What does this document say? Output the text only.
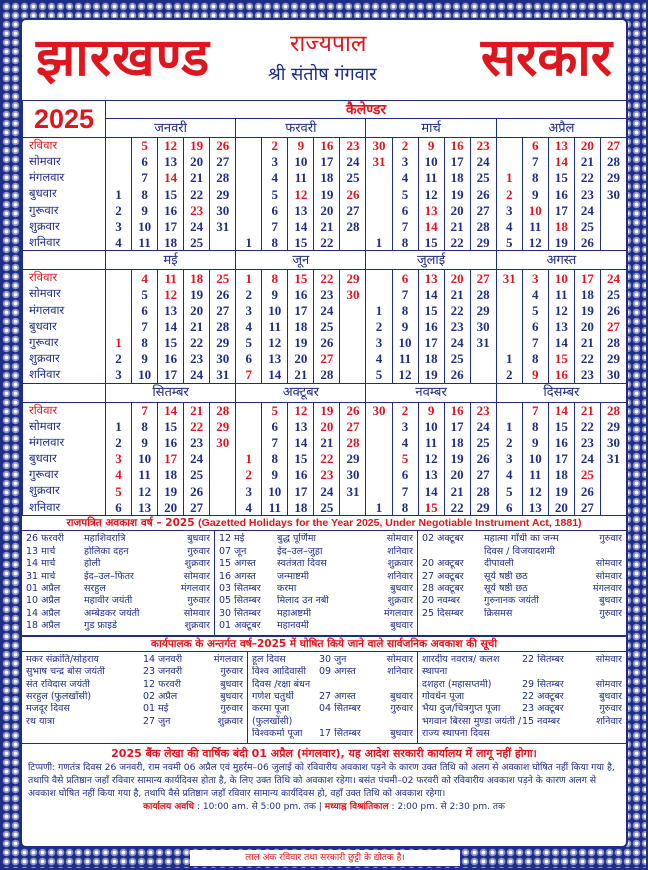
झारखण्ड	राज्यपाल
श्री संतोष गंगवार सरकार
2025	कैलेण्डर																			
	जनवरी					फरवरी					मार्च					अप्रैल				
रविवार		5	12	19	26		2	9	16	23	30	2	9	16	23		6	13	20	27
सोमवार		6	13	20	27		3	10	17	24	31	3	10	17	24		7	14	21	28
मंगलवार		7	14	21	28		4	11	18	25		4	11	18	25	1	8	15	22	29
बुधवार	1	8	15	22	29		5	12	19	26		5	12	19	26	2	9	16	23	30
गुरूवार	2	9	16	23	30		6	13	20	27		6	13	20	27	3	10	17	24	
शुक्रवार	3	10	17	24	31		7	14	21	28		7	14	21	28	4	11	18	25	
शनिवार	4	11	18	25		1	8	15	22		1	8	15	22	29	5	12	19	26	
	मई					जून					जुलाई					अगस्त				
रविवार		4	11	18	25	1	8	15	22	29		6	13	20	27	31	3	10	17	24
सोमवार		5	12	19	26	2	9	16	23	30		7	14	21	28		4	11	18	25
मंगलवार		6	13	20	27	3	10	17	24		1	8	15	22	29		5	12	19	26
बुधवार		7	14	21	28	4	11	18	25		2	9	16	23	30		6	13	20	27
गुरूवार	1	8	15	22	29	5	12	19	26		3	10	17	24	31		7	14	21	28
शुक्रवार	2	9	16	23	30	6	13	20	27		4	11	18	25		1	8	15	22	29
शनिवार	3	10	17	24	31	7	14	21	28		5	12	19	26		2	9	16	23	30
	सितम्बर					अक्टूबर					नवम्बर					दिसम्बर				
रविवार		7	14	21	28		5	12	19	26	30	2	9	16	23		7	14	21	28
सोमवार	1	8	15	22	29		6	13	20	27		3	10	17	24	1	8	15	22	29
मंगलवार	2	9	16	23	30		7	14	21	28		4	11	18	25	2	9	16	23	30
बुधवार	3	10	17	24		1	8	15	22	29		5	12	19	26	3	10	17	24	31
गुरूवार	4	11	18	25		2	9	16	23	30		6	13	20	27	4	11	18	25	
शुक्रवार	5	12	19	26		3	10	17	24	31		7	14	21	28	5	12	19	26	
शनिवार	6	13	20	27		4	11	18	25		1	8	15	22	29	6	13	20	27	
राजपत्रित अवकाश वर्ष – 2025 (Gazetted Holidays for the Year 2025, Under Negotiable Instrument Act, 1881)
26 फरवरी	महाशिवरात्रि	बुधवार
13 मार्च	होलिका दहन	गुरुवार
14 मार्च	होली	शुक्रवार
31 मार्च	ईद–उल–फितर	सोमवार
01 अप्रैल	सरहुल	मंगलवार
10 अप्रैल	महावीर जयंती	गुरुवार
14 अप्रैल	अम्बेडकर जयंती	सोमवार
18 अप्रैल	गुड फ्राइडे	शुक्रवार
12 मई	बुद्ध पूर्णिमा	सोमवार
07 जून	ईद–उल–जुहा	शनिवार
15 अगस्त	स्वतंत्रता दिवस	शुक्रवार
16 अगस्त	जन्माष्टमी	शनिवार
03 सितम्बर	करमा	बुधवार
05 सितम्बर	मिलाद उन नबी	शुक्रवार
30 सितम्बर	महाअष्टमी	मंगलवार
01 अक्टूबर	महानवमी	बुधवार
02 अक्टूबर	महात्मा गाँधी का जन्म दिवस / विजयादशमी
गुरुवार
20 अक्टूबर	दीपावली	सोमवार
27 अक्टूबर	सूर्य षष्ठी छठ	सोमवार
28 अक्टूबर	सूर्य षष्ठी छठ	मंगलवार
20 नवम्बर	गुरुनानक जयंती	बुधवार
25 दिसम्बर	क्रिसमस	गुरुवार
कार्यपालक के अन्तर्गत वर्ष–2025 में घोषित किये जाने वाले सार्वजनिक अवकाश की सूची
मकर संक्रांति/सोहराय	14 जनवरी	मंगलवार
सुभाष चन्द्र बोस जयंती	23 जनवरी	गुरुवार
संत रविदास जयंती	12 फरवरी	बुधवार
सरहुल (फुलखोंसी)	02 अप्रैल	बुधवार
मजदूर दिवस	01 मई	गुरुवार
रथ यात्रा	27 जुन	शुक्रवार
हूल दिवस	30 जुन	सोमवार
विश्व आदिवासी दिवस /रक्षा बंधन
09 अगस्त	शनिवार
गणेश चतुर्थी	27 अगस्त	बुधवार
करमा पूजा (फुलखोंसी)
04 सितम्बर	गुरुवार
विश्वकर्मा पूजा	17 सितम्बर	बुधवार
शारदीय नवरात्र/ कलश स्थापना
22 सितम्बर	सोमवार
दशहरा (महासप्तमी)	29 सितम्बर	सोमवार
गोवर्धन पूजा	22 अक्टूबर	बुधवार
भैया दुज/चित्रगुप्त पूजा	23 अक्टूबर	गुरुवार
भगवान बिरसा मुण्डा जयंती /राज्य स्थापना दिवस
15 नवम्बर	शनिवार
2025 बैंक लेखा की वार्षिक बंदी 01 अप्रैल (मंगलवार), यह आदेश सरकारी कार्यालय में लागू नहीं होगा।
टिप्पणी: गणतंत्र दिवस 26 जनवरी, राम नवमी 06 अप्रैल एवं मुहर्रम–06 जुलाई को रविवारीय अवकाश पड़ने के कारण उक्त तिथि को अलग से अवकाश घोषित नहीं किया गया है, तथापि वैसे प्रतिष्ठान जहाँ रविवार सामान्य कार्यदिवस होता है, के लिए उक्त तिथि को अवकाश रहेगा। बसंत पंचमी–02 फरवरी को रविवारीय अवकाश पड़ने के कारण अलग से अवकाश घोषित नहीं किया गया है, तथापि वैसे प्रतिष्ठान जहाँ रविवार सामान्य कार्यदिवस हो, वहाँ उक्त तिथि को अवकाश रहेगा।
कार्यालय अवधि : 10:00 am. से 5:00 pm. तक | मध्याह्न विश्रांतिकाल : 2:00 pm. से 2:30 pm. तक
लाल अंक रविवार तथा सरकारी छुट्टी के द्योतक है।
